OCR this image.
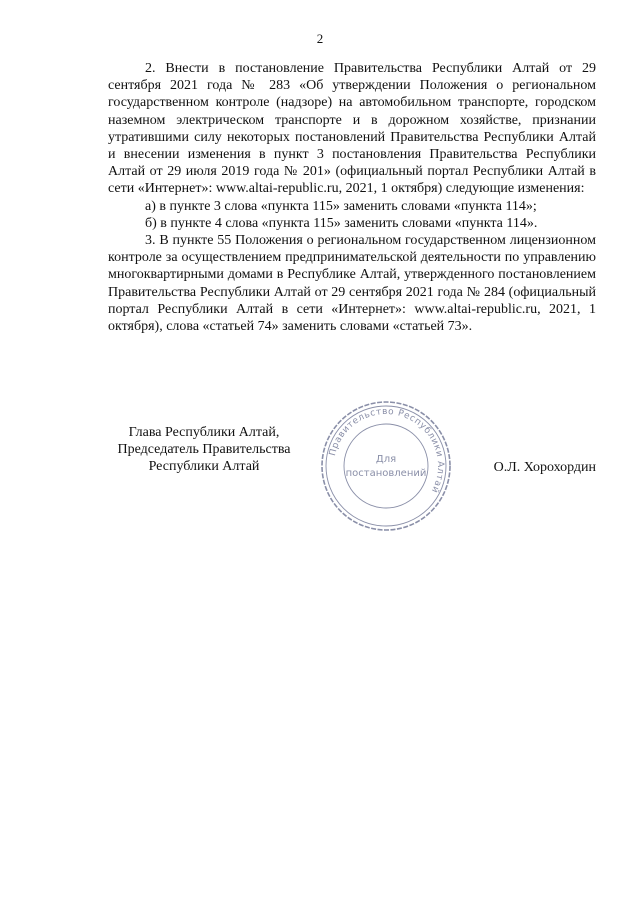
2

2. Внести в постановление Правительства Республики Алтай от 29 сентября 2021 года № 283 «Об утверждении Положения о региональном государственном контроле (надзоре) на автомобильном транспорте, городском наземном электрическом транспорте и в дорожном хозяйстве, признании утратившими силу некоторых постановлений Правительства Республики Алтай и внесении изменения в пункт 3 постановления Правительства Республики Алтай от 29 июля 2019 года № 201» (официальный портал Республики Алтай в сети «Интернет»: www.altai-republic.ru, 2021, 1 октября) следующие изменения:

а) в пункте 3 слова «пункта 115» заменить словами «пункта 114»;

б) в пункте 4 слова «пункта 115» заменить словами «пункта 114».

3. В пункте 55 Положения о региональном государственном лицензионном контроле за осуществлением предпринимательской деятельности по управлению многоквартирными домами в Республике Алтай, утвержденного постановлением Правительства Республики Алтай от 29 сентября 2021 года № 284 (официальный портал Республики Алтай в сети «Интернет»: www.altai-republic.ru, 2021, 1 октября), слова «статьей 74» заменить словами «статьей 73».

Глава Республики Алтай,
Председатель Правительства
Республики Алтай
Правительство Республики Алтай
Для
постановлений	О.Л. Хорохордин
